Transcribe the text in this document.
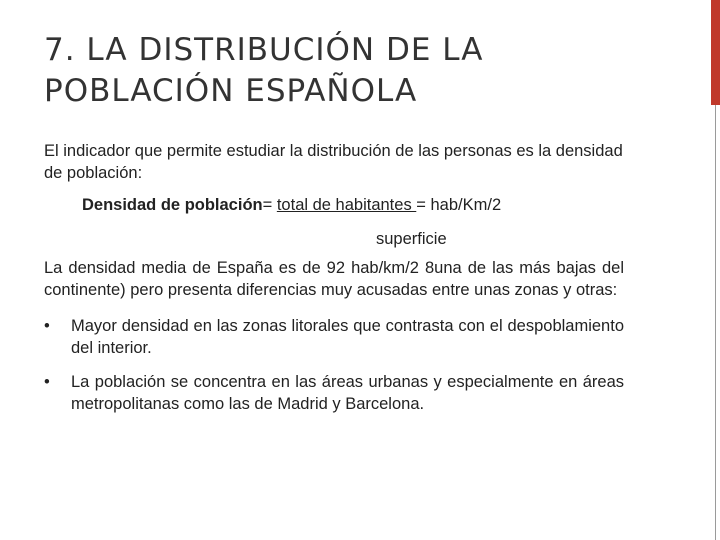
7. LA DISTRIBUCIÓN DE LA
POBLACIÓN ESPAÑOLA

El indicador que permite estudiar la distribución de las personas es la densidad de población:

Densidad de población= total de habitantes = hab/Km/2
superficie

La densidad media de España es de 92 hab/km/2 8una de las más bajas del continente) pero presenta diferencias muy acusadas entre unas zonas y otras:

• Mayor densidad en las zonas litorales que contrasta con el despoblamiento del interior.
• La población se concentra en las áreas urbanas y especialmente en áreas metropolitanas como las de Madrid y Barcelona.
